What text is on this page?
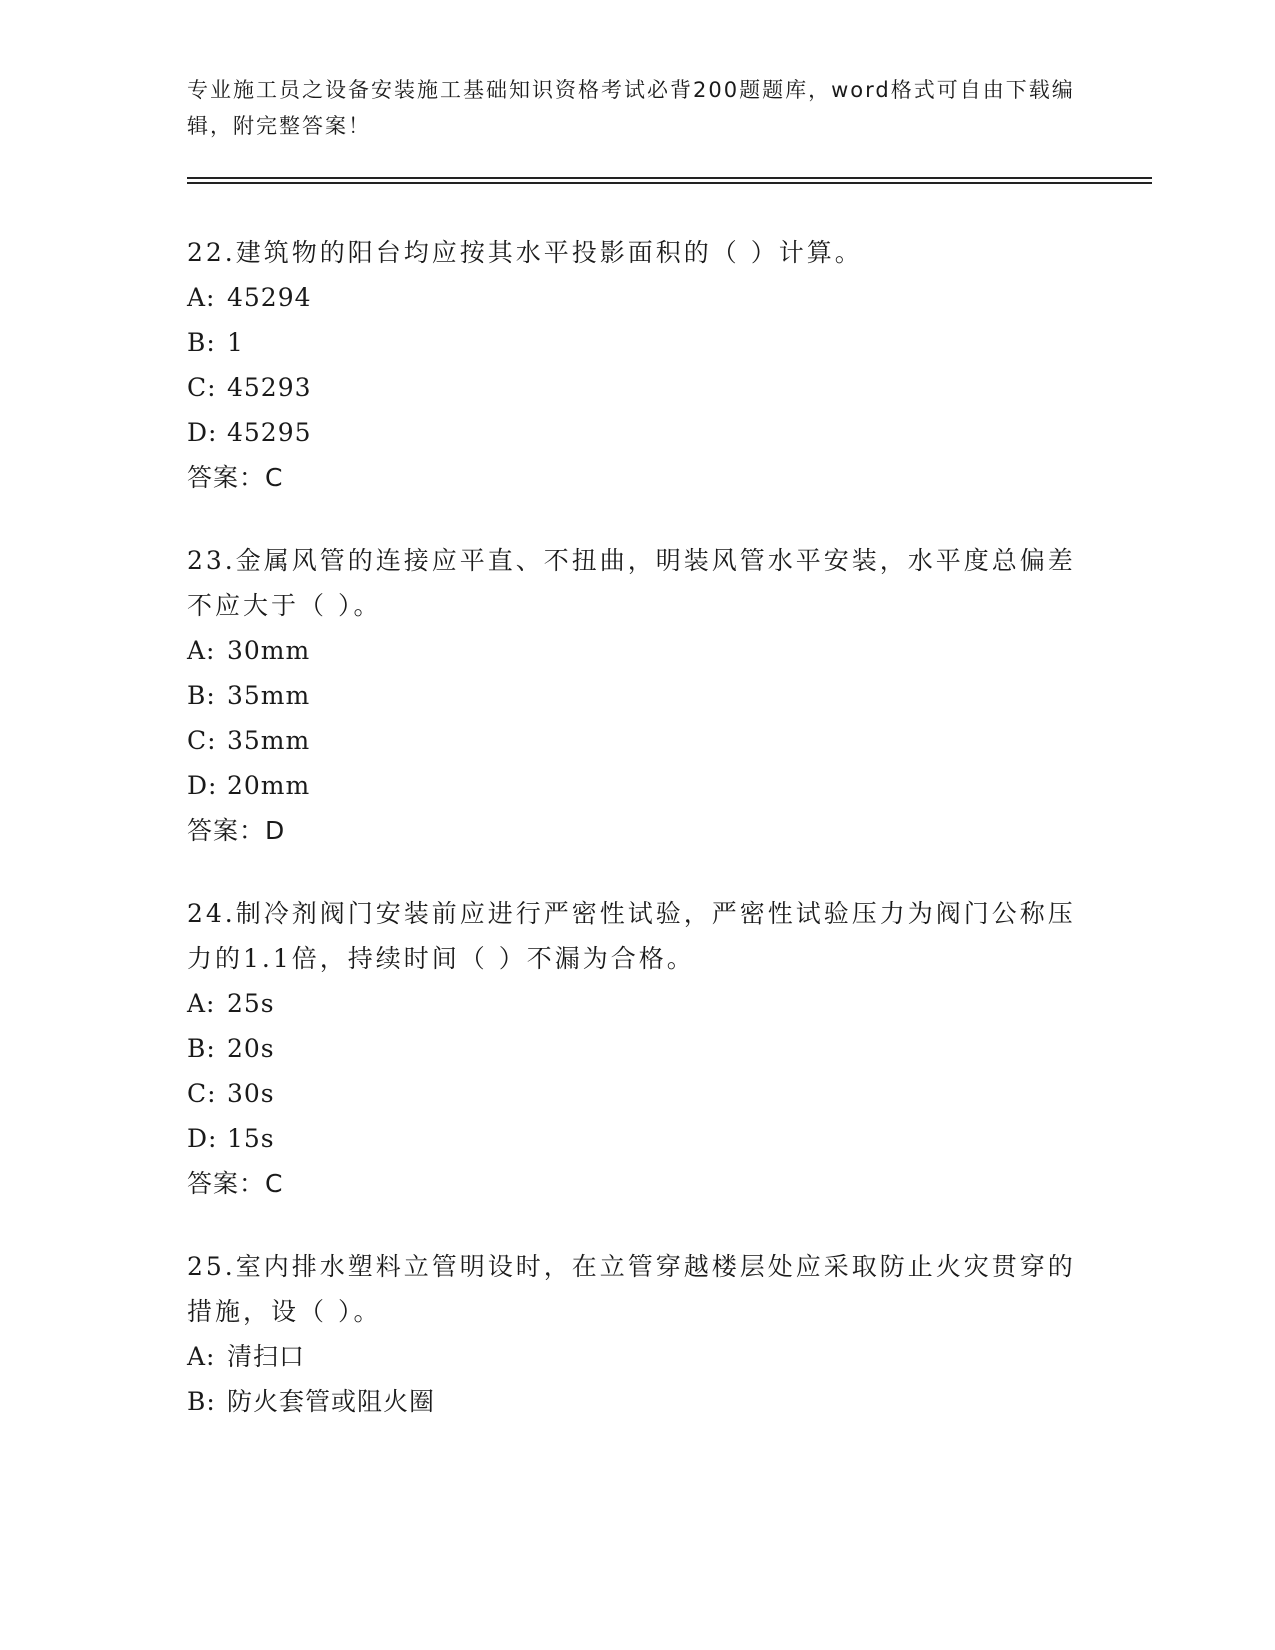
专业施工员之设备安装施工基础知识资格考试必背200题题库，word格式可自由下载编辑，附完整答案！

22.建筑物的阳台均应按其水平投影面积的（ ）计算。

A: 45294
B: 1
C: 45293
D: 45295
答案：C

23.金属风管的连接应平直、不扭曲，明装风管水平安装，水平度总偏差不应大于（ ）。

A: 30mm
B: 35mm
C: 35mm
D: 20mm
答案：D

24.制冷剂阀门安装前应进行严密性试验，严密性试验压力为阀门公称压力的1.1倍，持续时间（ ）不漏为合格。

A: 25s
B: 20s
C: 30s
D: 15s
答案：C

25.室内排水塑料立管明设时，在立管穿越楼层处应采取防止火灾贯穿的措施，设（ ）。

A: 清扫口
B: 防火套管或阻火圈
